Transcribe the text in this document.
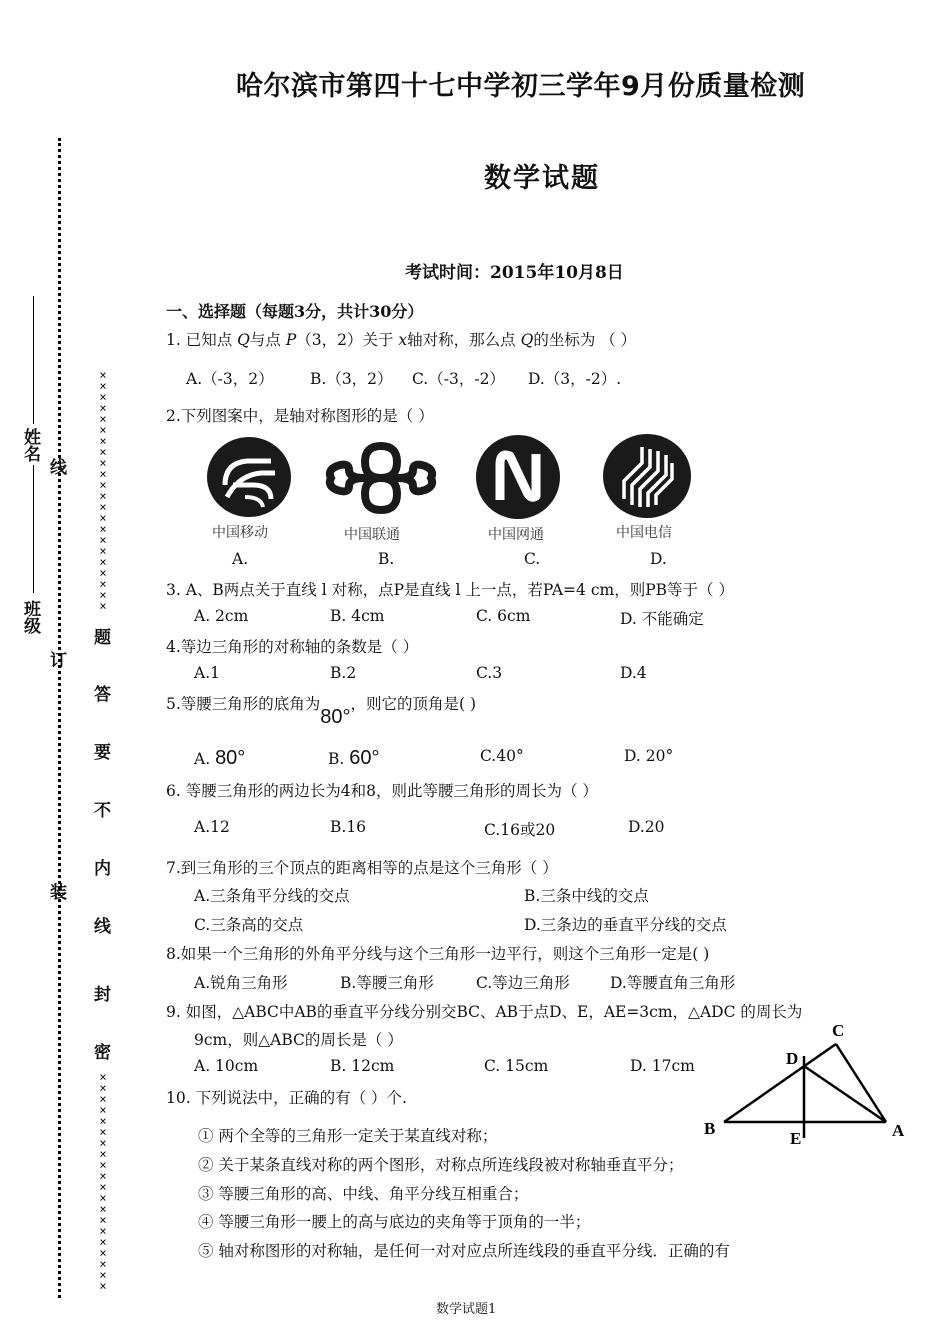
班级
姓名
线
订
装
××××××××××××××××××××××
题
答
要
不
内
线
封
密
××××××××××××××××××××
哈尔滨市第四十七中学初三学年9月份质量检测
数学试题
考试时间：2015年10月8日
一、选择题（每题3分，共计30分）
1. 已知点 Q与点 P（3，2）关于 x轴对称，那么点 Q的坐标为 （ ）
A.（-3，2） B.（3，2） C.（-3，-2） D.（3，-2）.
2.下列图案中，是轴对称图形的是（ ）
中国移动
A.
中国联通
B.
中国网通
C.
中国电信
D.
3. A、B两点关于直线 l 对称，点P是直线 l 上一点，若PA=4 cm，则PB等于（ ）
A. 2cm	B. 4cm	C. 6cm	D. 不能确定
4.等边三角形的对称轴的条数是（ ）
A.1	B.2	C.3	D.4
5.等腰三角形的底角为80°，则它的顶角是( )
A. 80°	B. 60°	C.40°	D. 20°
6. 等腰三角形的两边长为4和8，则此等腰三角形的周长为（ ）
A.12	B.16	C.16或20	D.20
7.到三角形的三个顶点的距离相等的点是这个三角形（ ）
A.三条角平分线的交点	B.三条中线的交点
C.三条高的交点	D.三条边的垂直平分线的交点
8.如果一个三角形的外角平分线与这个三角形一边平行，则这个三角形一定是( )
A.锐角三角形	B.等腰三角形	C.等边三角形	D.等腰直角三角形
9. 如图，△ABC中AB的垂直平分线分别交BC、AB于点D、E，AE=3cm，△ADC 的周长为
9cm，则△ABC的周长是（ ）
A. 10cm	B. 12cm	C. 15cm	D. 17cm
C
D
B	A
E
10. 下列说法中，正确的有（ ）个.
① 两个全等的三角形一定关于某直线对称；
② 关于某条直线对称的两个图形，对称点所连线段被对称轴垂直平分；
③ 等腰三角形的高、中线、角平分线互相重合；
④ 等腰三角形一腰上的高与底边的夹角等于顶角的一半；
⑤ 轴对称图形的对称轴，是任何一对对应点所连线段的垂直平分线．正确的有
数学试题1
